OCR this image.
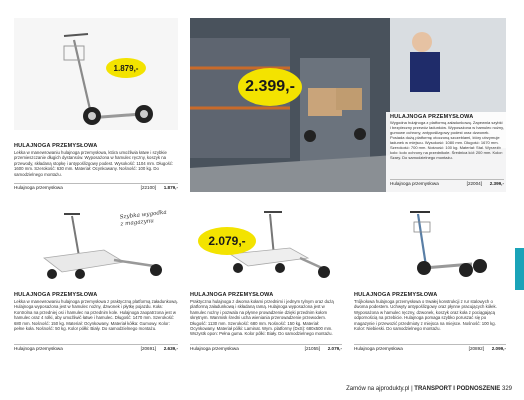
1.879,-
HULAJNOGA PRZEMYSŁOWA
Lekka w manewrowaniu hulajnoga przemysłowa, która umożliwia łatwe i szybkie przemieszczanie długich dystansów. Wyposażona w hamulec ręczny, koszyk na przewody, składaną stopkę i antypoślizgowy podest. Wysokość: 1104 mm. Długość: 1600 mm. Szerokość: 630 mm. Materiał: Ocynkowany. Nośność: 100 kg. Do samodzielnego montażu.
Hulajnoga przemysłowa	[22100]	1.879,-
2.399,-
HULAJNOGA PRZEMYSŁOWA
Wygodna hulajnoga z platformą załadunkową. Zapewnia szybki i bezpieczny przewóz ładunków. Wyposażona w hamulec nożny, gumowe ochrony, antypoślizgowy podest oraz dzwonek. Posiada dużą platformę otoczoną szczeblami, który utrzymuje ładunek w miejscu. Wysokość: 1080 mm. Długość: 1670 mm. Szerokość: 700 mm. Nośność: 100 kg. Materiał: Stal. Wyrzeźb koło: koło ochrony na przednikole. Średnica kół: 200 mm. Kolor: Szary. Do samodzielnego montażu.
Hulajnoga przemysłowa	[22004]	2.399,-
Szybka wygodka z magazynu
HULAJNOGA PRZEMYSŁOWA
Lekka w manewrowaniu hulajnoga przemysłowa z praktyczną platformą załadunkową. Hulajnoga wyposażona jest w hamulec nożny, dzwonek i płytkę pojazdu. Koła: Kontrolna na przedniej osi i hamulec na przednim kole. Hulajnoga zaopatrzona jest w hamulec oraz 4 rolki, aby umożliwić łatwe i hamulec. Długość: 1470 mm. Szerokość: 680 mm. Nośność: 150 kg. Materiał: Ocynkowany. Materiał kółka: Gumowy. Kolor: pełne koła. Nośność: 50 kg. Kolor półki: Biały. Do samodzielnego montażu.
Hulajnoga przemysłowa	[20691]	2.639,-
2.079,-
HULAJNOGA PRZEMYSŁOWA
Praktyczna hulajnoga z dwoma kołami przednimi i jednym tylnym oraz dużą platformą załadunkową i składaną ramą. Hulajnoga wyposażona jest w hamulec nożny i pozwala na płynne prowadzenie dzięki przednim kołom skrętnym. Wanmisk średni ucha wieniania przerowadzenie przewodem. Długość: 1130 mm. Szerokość: 680 mm. Nośność: 150 kg. Materiał: Ocynkowany. Materiał pólki: Laminat. Wym. platformy (DxS): 680x500 mm. Wszystk opon: Pełna guma. Kolor pólki: Biały. Do samodzielnego montażu.
Hulajnoga przemysłowa	[21055]	2.079,-
HULAJNOGA PRZEMYSŁOWA
Trójkołowa hulajnoga przemysłowa o trwałej konstrukcji z rur stalowych o dwoma podestem. Uchwyty antypoślizgowy oraz płynne pracujących kółek. Wyposażona w hamulec ręczny, dzwonek, koszyk oraz koła z pociągającą odpornością na przebicie. Hulajnoga pomaga szybko poruszać się po magazynie i przewozić przedmioty z miejsca na miejsce. Nośność: 100 kg. Kolor: Niebieski. Do samodzielnego montażu.
Hulajnoga przemysłowa	[20892]	2.099,-
Zamów na ajprodukty.pl | TRANSPORT I PODNOSZENIE 329
